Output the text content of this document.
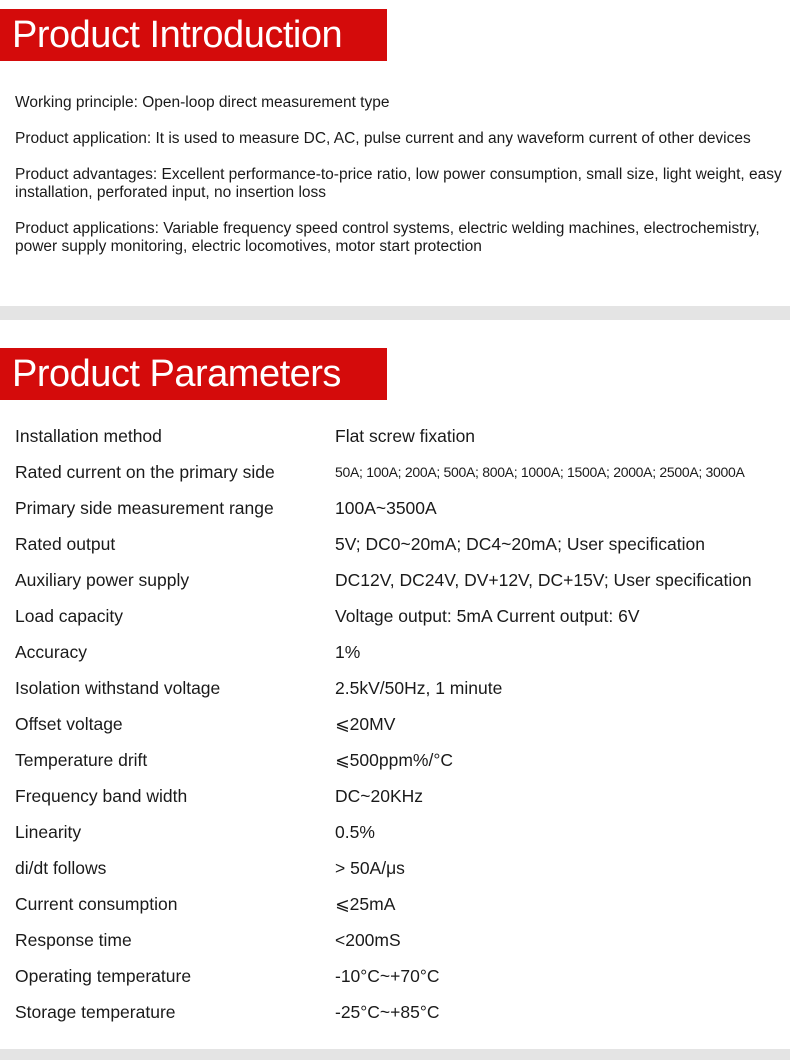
Product Introduction

Working principle: Open-loop direct measurement type

Product application: It is used to measure DC, AC, pulse current and any waveform current of other devices

Product advantages: Excellent performance-to-price ratio, low power consumption, small size, light weight, easy installation, perforated input, no insertion loss

Product applications: Variable frequency speed control systems, electric welding machines, electrochemistry, power supply monitoring, electric locomotives, motor start protection

Product Parameters
Installation method	Flat screw fixation
Rated current on the primary side	50A; 100A; 200A; 500A; 800A; 1000A; 1500A; 2000A; 2500A; 3000A
Primary side measurement range	100A~3500A
Rated output	5V; DC0~20mA; DC4~20mA; User specification
Auxiliary power supply	DC12V, DC24V, DV+12V, DC+15V; User specification
Load capacity	Voltage output: 5mA Current output: 6V
Accuracy	1%
Isolation withstand voltage	2.5kV/50Hz, 1 minute
Offset voltage	⩽20MV
Temperature drift	⩽500ppm%/°C
Frequency band width	DC~20KHz
Linearity	0.5%
di/dt follows	> 50A/μs
Current consumption	⩽25mA
Response time	<200mS
Operating temperature	-10°C~+70°C
Storage temperature	-25°C~+85°C
